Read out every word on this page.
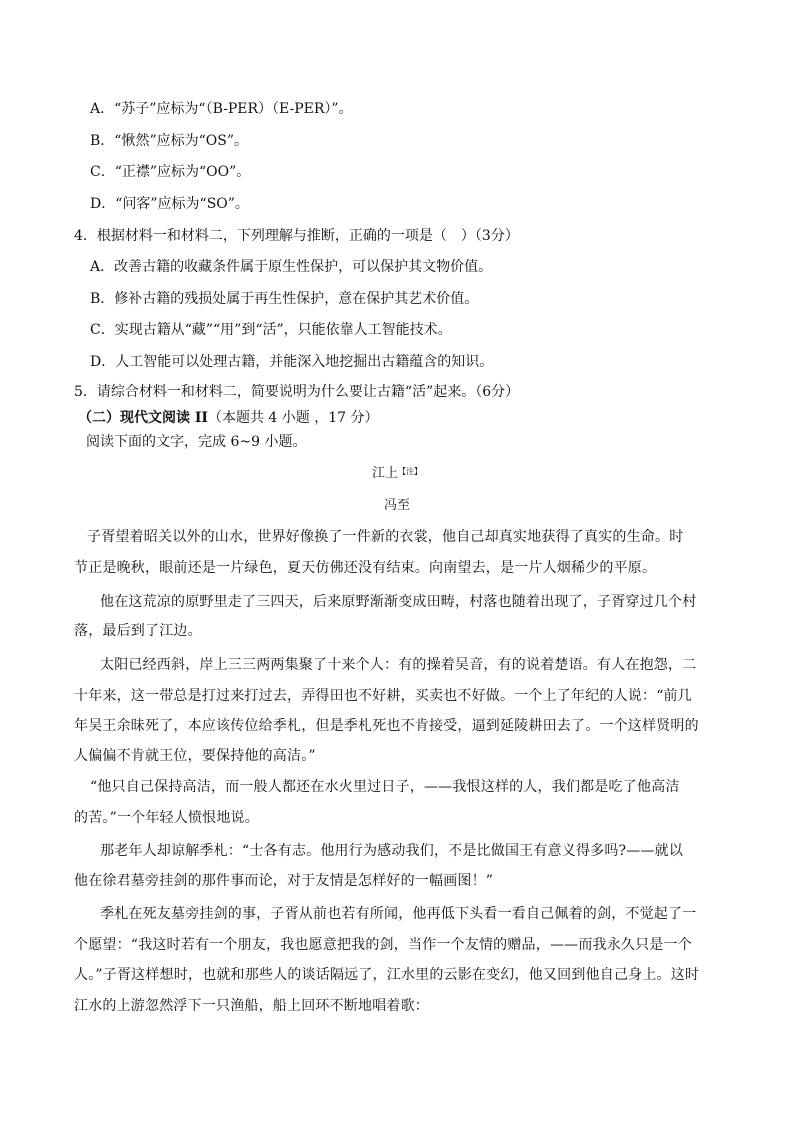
A．“苏子”应标为“（B-PER）（E-PER）”。
B．“愀然”应标为“OS”。
C．“正襟”应标为“OO”。
D．“问客”应标为“SO”。
4．根据材料一和材料二，下列理解与推断，正确的一项是（　）（3分）
A．改善古籍的收藏条件属于原生性保护，可以保护其文物价值。
B．修补古籍的残损处属于再生性保护，意在保护其艺术价值。
C．实现古籍从“藏”“用”到“活”，只能依靠人工智能技术。
D．人工智能可以处理古籍，并能深入地挖掘出古籍蕴含的知识。
5．请综合材料一和材料二，简要说明为什么要让古籍“活”起来。（6分）
（二）现代文阅读 II（本题共 4 小题 ，17 分）
阅读下面的文字，完成 6~9 小题。
江上$^{【注】}$
冯至
子胥望着昭关以外的山水，世界好像换了一件新的衣裳，他自己却真实地获得了真实的生命。时
节正是晚秋，眼前还是一片绿色，夏天仿佛还没有结束。向南望去，是一片人烟稀少的平原。
他在这荒凉的原野里走了三四天，后来原野渐渐变成田畴，村落也随着出现了，子胥穿过几个村
落，最后到了江边。
太阳已经西斜，岸上三三两两集聚了十来个人：有的操着吴音，有的说着楚语。有人在抱怨，二
十年来，这一带总是打过来打过去，弄得田也不好耕，买卖也不好做。一个上了年纪的人说：“前几
年吴王余昧死了，本应该传位给季札，但是季札死也不肯接受，逼到延陵耕田去了。一个这样贤明的
人偏偏不肯就王位，要保持他的高洁。”
“他只自己保持高洁，而一般人都还在水火里过日子，——我恨这样的人，我们都是吃了他高洁
的苦。”一个年轻人愤恨地说。
那老年人却谅解季札：“士各有志。他用行为感动我们，不是比做国王有意义得多吗?——就以
他在徐君墓旁挂剑的那件事而论，对于友情是怎样好的一幅画图！”
季札在死友墓旁挂剑的事，子胥从前也若有所闻，他再低下头看一看自己佩着的剑，不觉起了一
个愿望：“我这时若有一个朋友，我也愿意把我的剑，当作一个友情的赠品，——而我永久只是一个
人。”子胥这样想时，也就和那些人的谈话隔远了，江水里的云影在变幻，他又回到他自己身上。这时
江水的上游忽然浮下一只渔船，船上回环不断地唱着歌：
